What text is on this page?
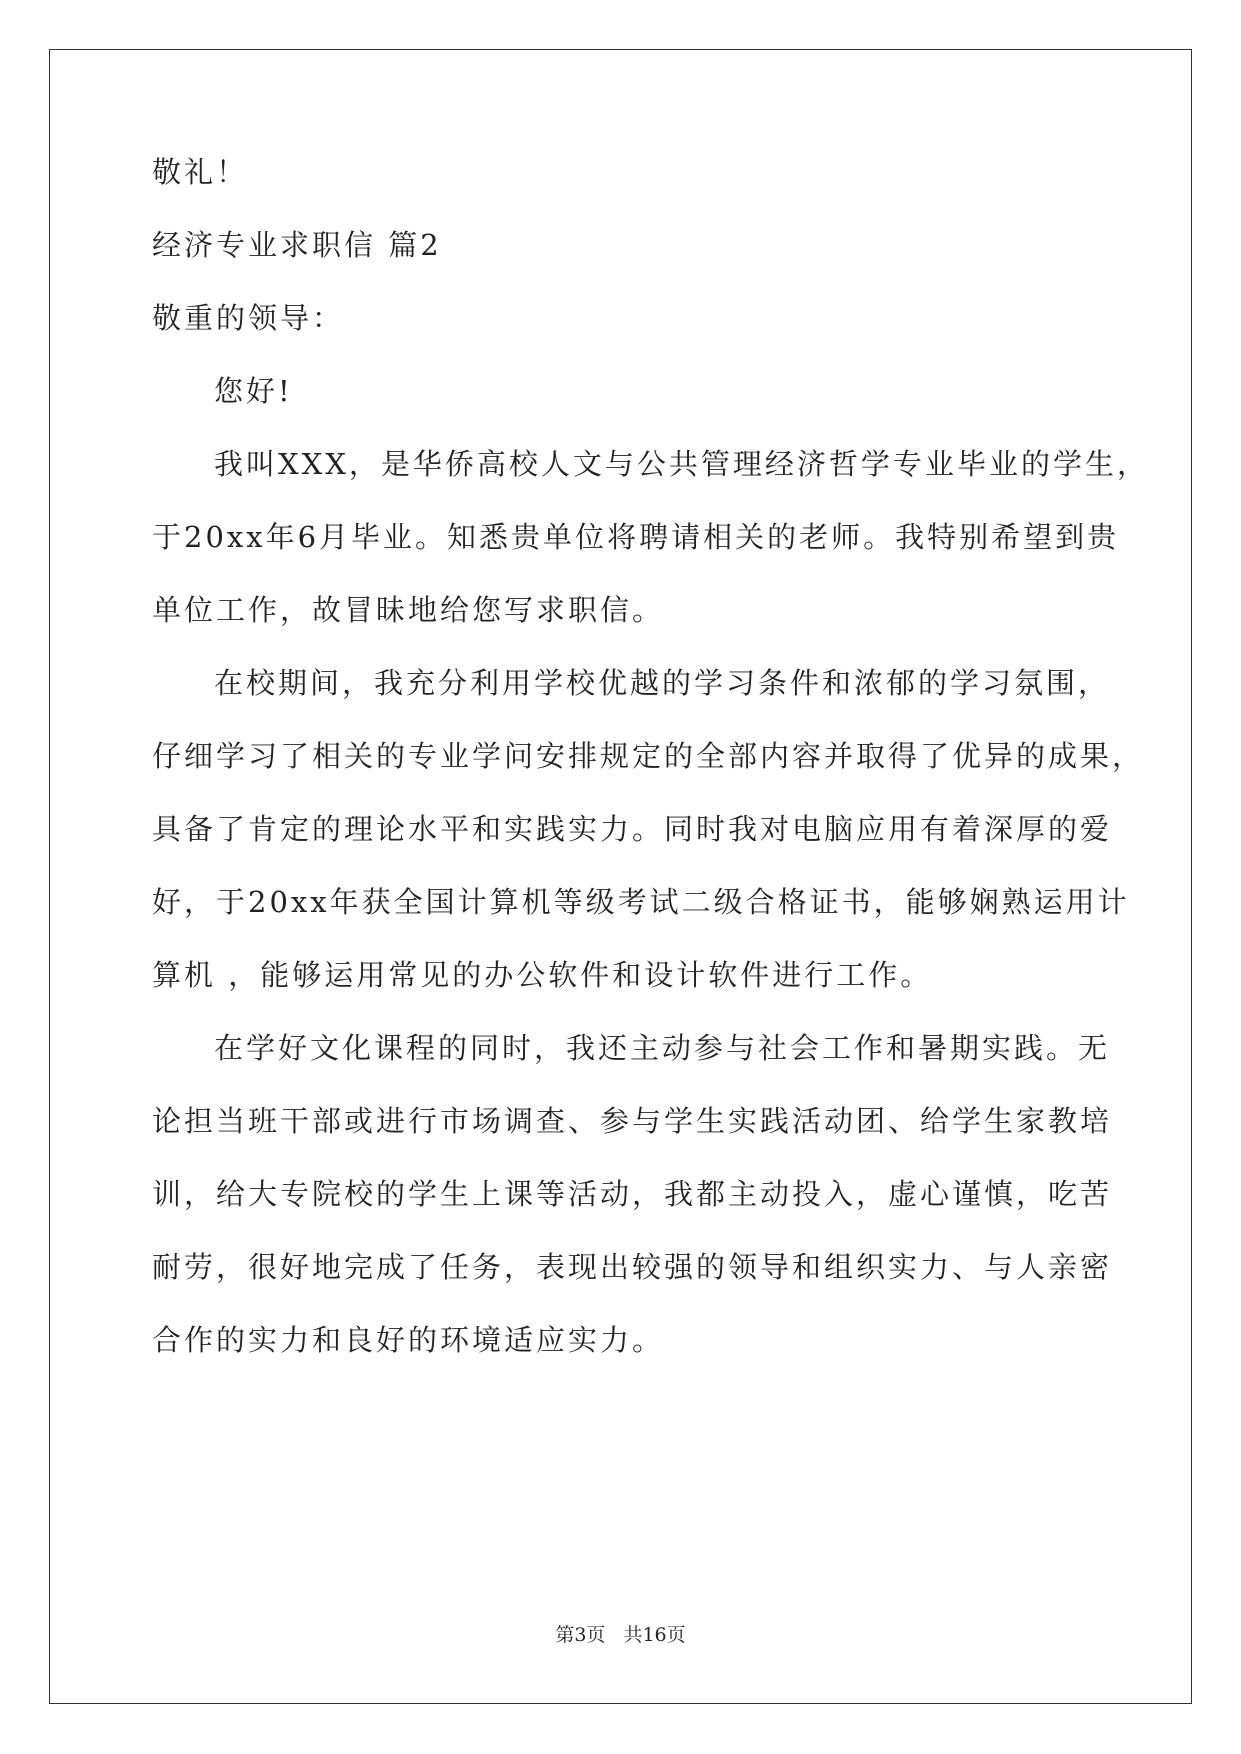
敬礼！
经济专业求职信 篇2
敬重的领导：
您好!
我叫XXX，是华侨高校人文与公共管理经济哲学专业毕业的学生，
于20xx年6月毕业。知悉贵单位将聘请相关的老师。我特别希望到贵
单位工作，故冒昧地给您写求职信。
在校期间，我充分利用学校优越的学习条件和浓郁的学习氛围，
仔细学习了相关的专业学问安排规定的全部内容并取得了优异的成果，
具备了肯定的理论水平和实践实力。同时我对电脑应用有着深厚的爱
好，于20xx年获全国计算机等级考试二级合格证书，能够娴熟运用计
算机 ，能够运用常见的办公软件和设计软件进行工作。
在学好文化课程的同时，我还主动参与社会工作和暑期实践。无
论担当班干部或进行市场调查、参与学生实践活动团、给学生家教培
训，给大专院校的学生上课等活动，我都主动投入，虚心谨慎，吃苦
耐劳，很好地完成了任务，表现出较强的领导和组织实力、与人亲密
合作的实力和良好的环境适应实力。
第3页 共16页
